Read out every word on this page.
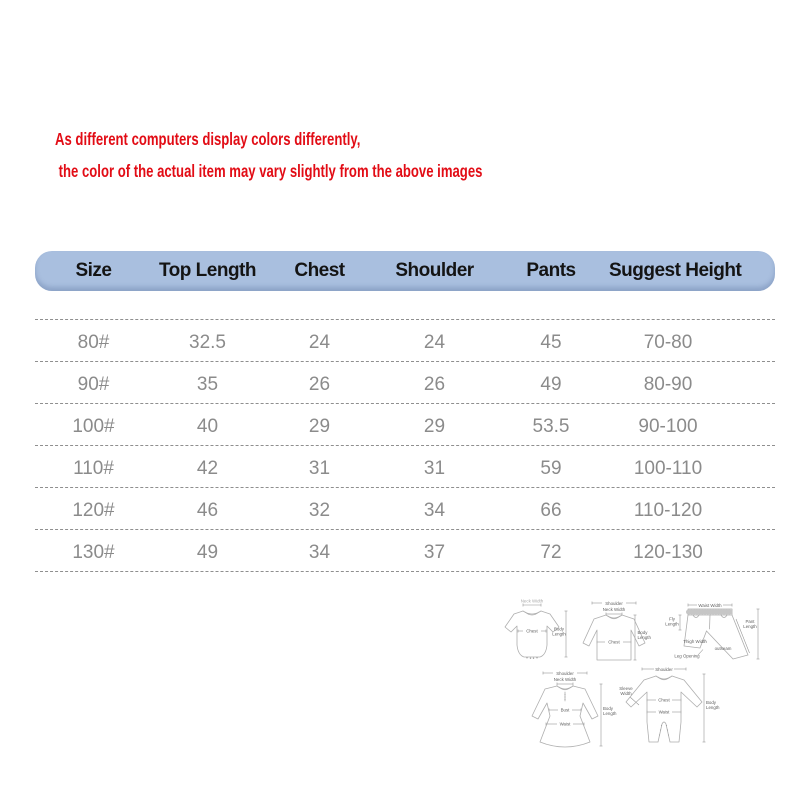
As different computers display colors differently,
the color of the actual item may vary slightly from the above images
Size	Top Length	Chest	Shoulder	Pants	Suggest Height
80#	32.5	24	24	45	70-80
90#	35	26	26	49	80-90
100#	40	29	29	53.5	90-100
110#	42	31	31	59	100-110
120#	46	32	34	66	110-120
130#	49	34	37	72	120-130
Neck Width
Chest	Body Length
Shoulder
Neck Width
Chest
Body Length
Waist Width
Fly Length
Thigh Width
Leg Opening
outseam
Pant Length
Shoulder
Neck Width
Bust
Waist
Body Length
Shoulder
Sleeve Width
Chest
Waist
Body Length
